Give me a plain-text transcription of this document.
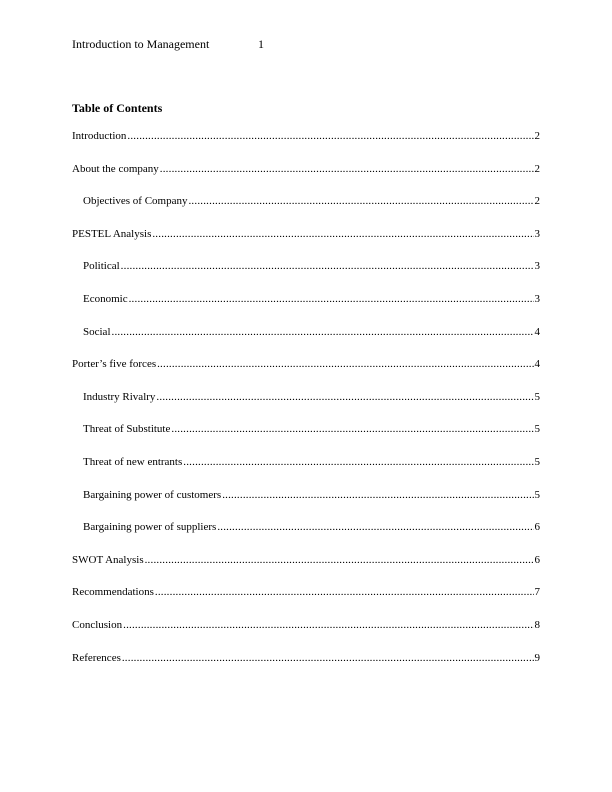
Introduction to Management	1
Table of Contents
Introduction .....	2
About the company .....	2
Objectives of Company .....	2
PESTEL Analysis .....	3
Political .....	3
Economic .....	3
Social .....	4
Porter’s five forces .....	4
Industry Rivalry .....	5
Threat of Substitute .....	5
Threat of new entrants .....	5
Bargaining power of customers .....	5
Bargaining power of suppliers .....	6
SWOT Analysis .....	6
Recommendations .....	7
Conclusion .....	8
References .....	9
